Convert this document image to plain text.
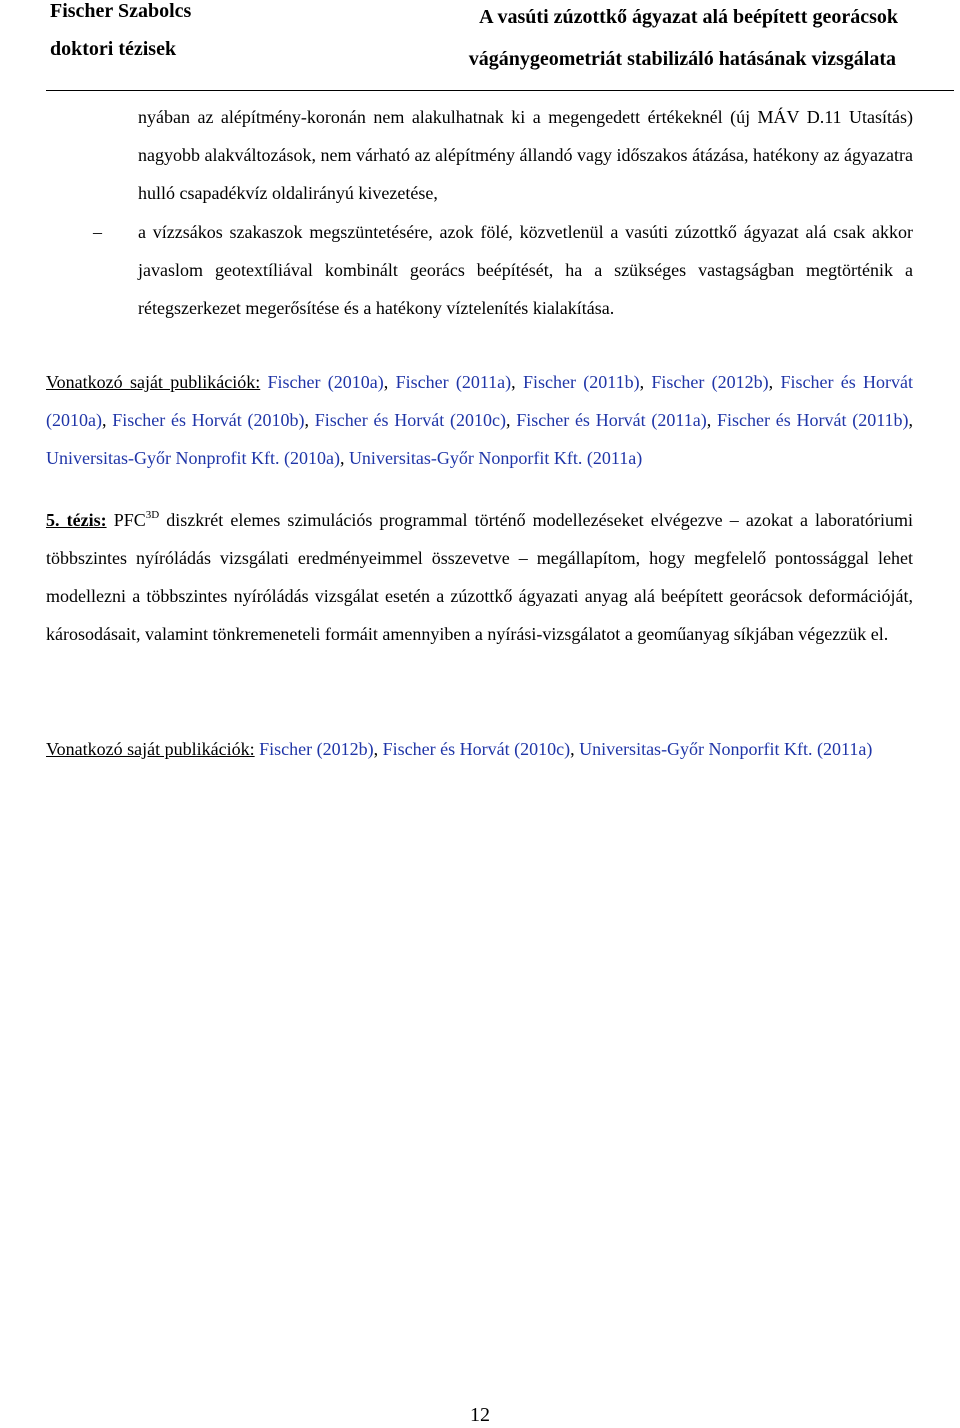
Fischer Szabolcs
doktori tézisek
A vasúti zúzottkő ágyazat alá beépített georácsok
vágánygeometriát stabilizáló hatásának vizsgálata
nyában az alépítmény-koronán nem alakulhatnak ki a megengedett értékeknél (új MÁV D.11 Utasítás) nagyobb alakváltozások, nem várható az alépítmény állandó vagy időszakos átázása, hatékony az ágyazatra hulló csapadékvíz oldalirányú kivezetése,
– a vízzsákos szakaszok megszüntetésére, azok fölé, közvetlenül a vasúti zúzottkő ágyazat alá csak akkor javaslom geotextíliával kombinált georács beépítését, ha a szükséges vastagságban megtörténik a rétegszerkezet megerősítése és a hatékony víztelenítés kialakítása.
Vonatkozó saját publikációk: Fischer (2010a), Fischer (2011a), Fischer (2011b), Fischer (2012b), Fischer és Horvát (2010a), Fischer és Horvát (2010b), Fischer és Horvát (2010c), Fischer és Horvát (2011a), Fischer és Horvát (2011b), Universitas-Győr Nonprofit Kft. (2010a), Universitas-Győr Nonporfit Kft. (2011a)
5. tézis: $PFC^{3D}$ diszkrét elemes szimulációs programmal történő modellezéseket elvégezve – azokat a laboratóriumi többszintes nyíróládás vizsgálati eredményeimmel összevetve – megállapítom, hogy megfelelő pontossággal lehet modellezni a többszintes nyíróládás vizsgálat esetén a zúzottkő ágyazati anyag alá beépített georácsok deformációját, károsodásait, valamint tönkremeneteli formáit amennyiben a nyírási-vizsgálatot a geoműanyag síkjában végezzük el.
Vonatkozó saját publikációk: Fischer (2012b), Fischer és Horvát (2010c), Universitas-Győr Nonporfit Kft. (2011a)
12
